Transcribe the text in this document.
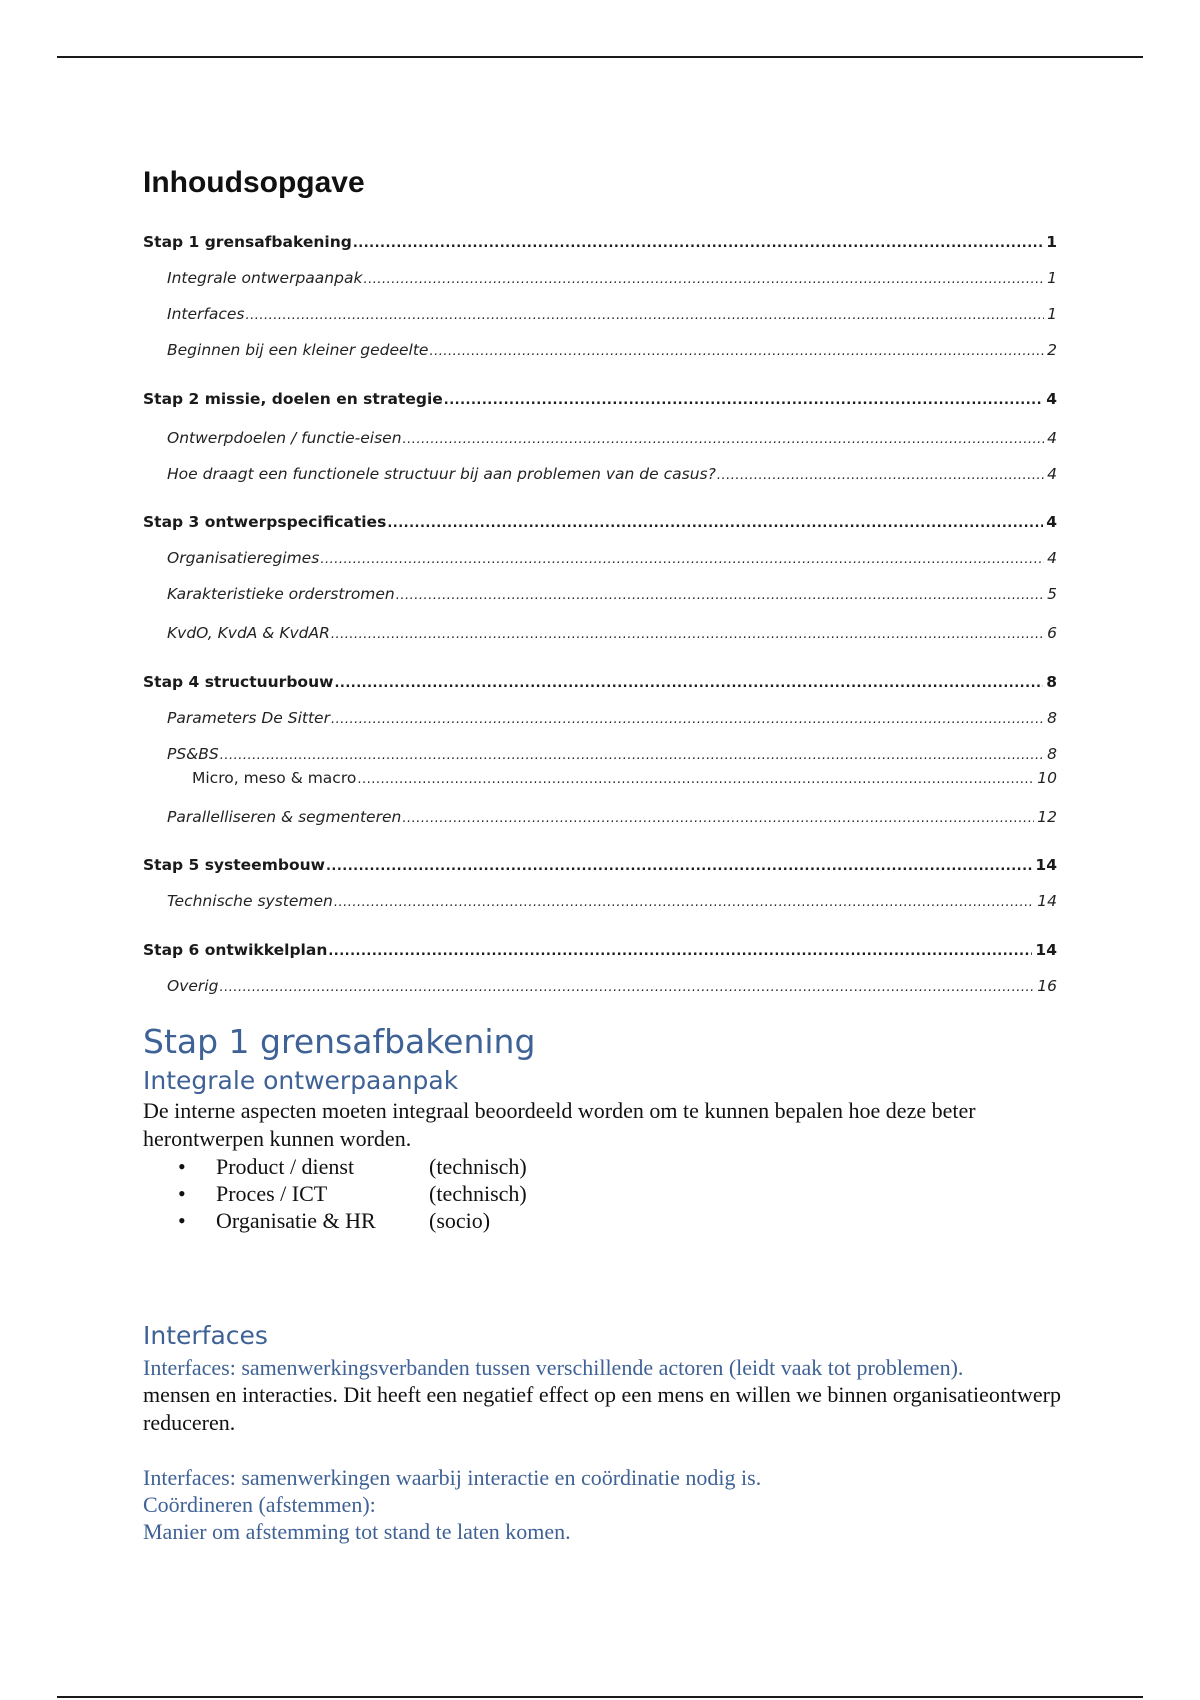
Inhoudsopgave
Stap 1 grensafbakening .....	1
Integrale ontwerpaanpak .....	1
Interfaces .....	1
Beginnen bij een kleiner gedeelte .....	2
Stap 2 missie, doelen en strategie .....	4
Ontwerpdoelen / functie-eisen .....	4
Hoe draagt een functionele structuur bij aan problemen van de casus? .....	4
Stap 3 ontwerpspecificaties .....	4
Organisatieregimes .....	4
Karakteristieke orderstromen .....	5
KvdO, KvdA & KvdAR .....	6
Stap 4 structuurbouw .....	8
Parameters De Sitter .....	8
PS&BS .....	8
Micro, meso & macro .....	10
Parallelliseren & segmenteren .....	12
Stap 5 systeembouw .....	14
Technische systemen .....	14
Stap 6 ontwikkelplan .....	14
Overig .....	16
Stap 1 grensafbakening
Integrale ontwerpaanpak

De interne aspecten moeten integraal beoordeeld worden om te kunnen bepalen hoe deze beter herontwerpen kunnen worden.

•	Product / dienst	(technisch)
•	Proces / ICT	(technisch)
•	Organisatie & HR	(socio)
Interfaces

Interfaces: samenwerkingsverbanden tussen verschillende actoren (leidt vaak tot problemen).

mensen en interacties. Dit heeft een negatief effect op een mens en willen we binnen organisatieontwerp reduceren.

Interfaces: samenwerkingen waarbij interactie en coördinatie nodig is.

Coördineren (afstemmen):

Manier om afstemming tot stand te laten komen.
